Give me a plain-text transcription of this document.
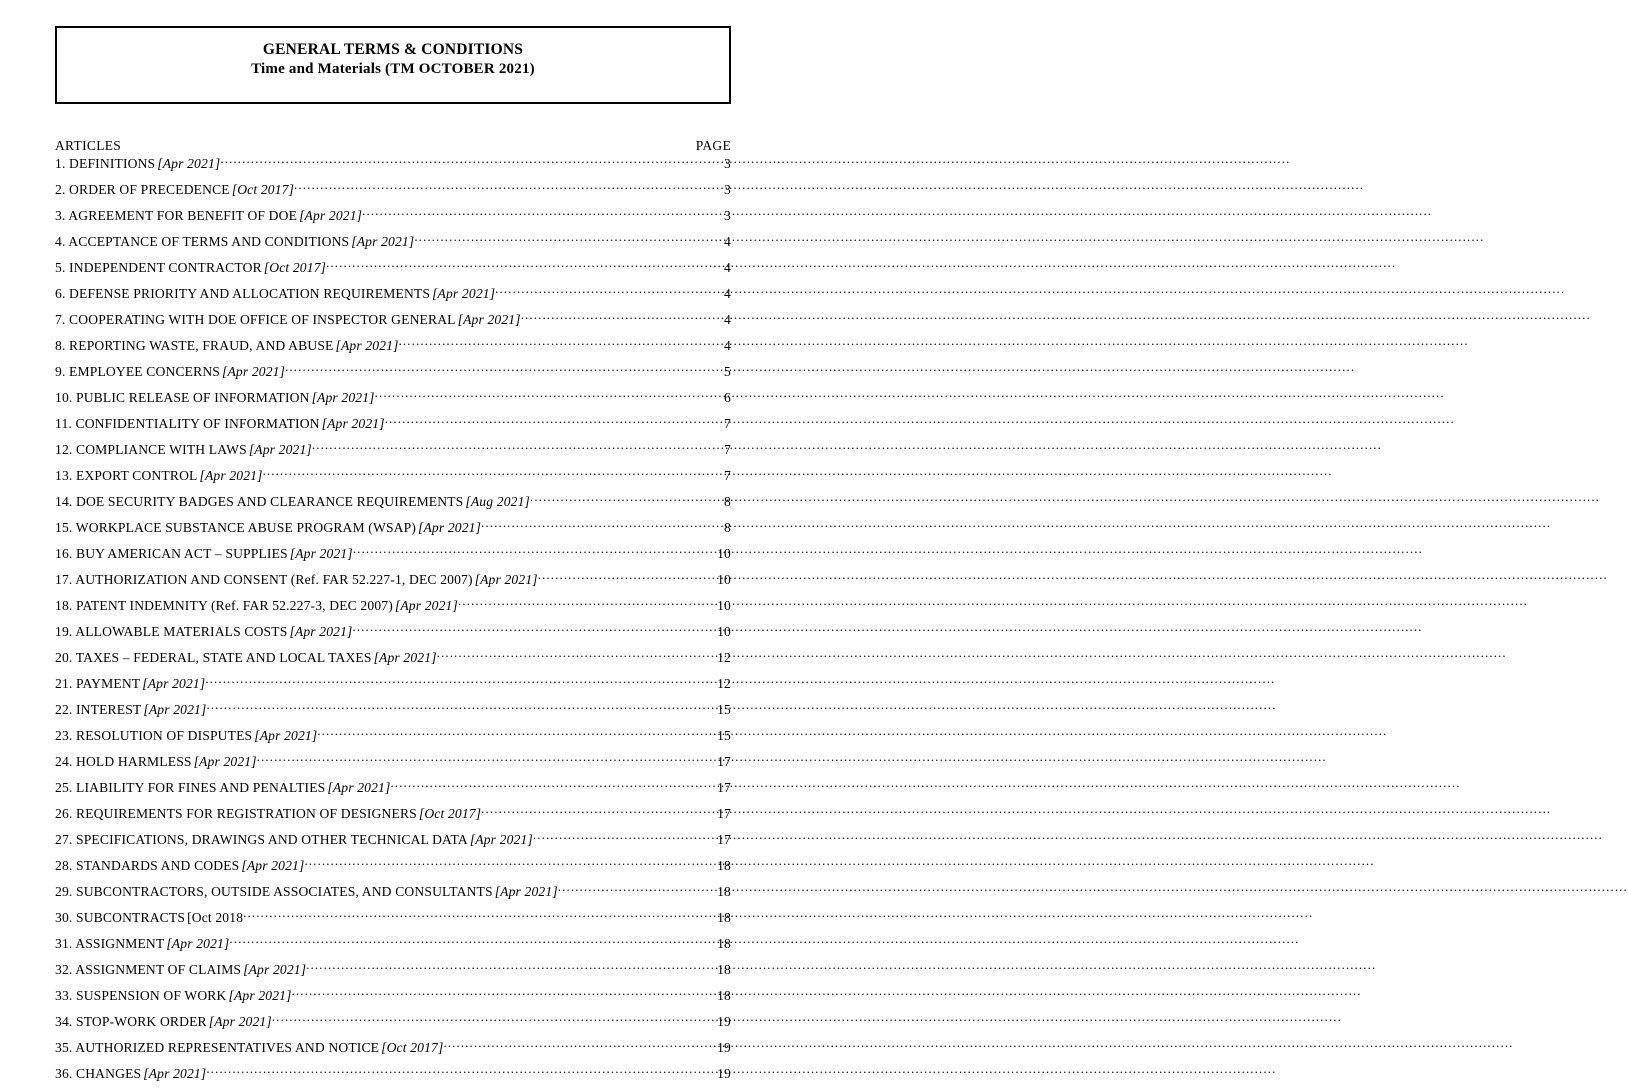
GENERAL TERMS & CONDITIONS
Time and Materials (TM OCTOBER 2021)
ARTICLES	PAGE
1. DEFINITIONS [Apr 2021] .....	3
2. ORDER OF PRECEDENCE [Oct 2017] .....	3
3. AGREEMENT FOR BENEFIT OF DOE [Apr 2021] .....	3
4. ACCEPTANCE OF TERMS AND CONDITIONS [Apr 2021] .....	4
5. INDEPENDENT CONTRACTOR [Oct 2017] .....	4
6. DEFENSE PRIORITY AND ALLOCATION REQUIREMENTS [Apr 2021] .....	4
7. COOPERATING WITH DOE OFFICE OF INSPECTOR GENERAL [Apr 2021] .....	4
8. REPORTING WASTE, FRAUD, AND ABUSE [Apr 2021] .....	4
9. EMPLOYEE CONCERNS [Apr 2021] .....	5
10. PUBLIC RELEASE OF INFORMATION [Apr 2021] .....	6
11. CONFIDENTIALITY OF INFORMATION [Apr 2021] .....	7
12. COMPLIANCE WITH LAWS [Apr 2021] .....	7
13. EXPORT CONTROL [Apr 2021] .....	7
14. DOE SECURITY BADGES AND CLEARANCE REQUIREMENTS [Aug 2021] .....	8
15. WORKPLACE SUBSTANCE ABUSE PROGRAM (WSAP) [Apr 2021] .....	8
16. BUY AMERICAN ACT – SUPPLIES [Apr 2021] .....	10
17. AUTHORIZATION AND CONSENT (Ref. FAR 52.227-1, DEC 2007) [Apr 2021] .....	10
18. PATENT INDEMNITY (Ref. FAR 52.227-3, DEC 2007) [Apr 2021] .....	10
19. ALLOWABLE MATERIALS COSTS [Apr 2021] .....	10
20. TAXES – FEDERAL, STATE AND LOCAL TAXES [Apr 2021] .....	12
21. PAYMENT [Apr 2021] .....	12
22. INTEREST [Apr 2021] .....	15
23. RESOLUTION OF DISPUTES [Apr 2021] .....	15
24. HOLD HARMLESS [Apr 2021] .....	17
25. LIABILITY FOR FINES AND PENALTIES [Apr 2021] .....	17
26. REQUIREMENTS FOR REGISTRATION OF DESIGNERS [Oct 2017] .....	17
27. SPECIFICATIONS, DRAWINGS AND OTHER TECHNICAL DATA [Apr 2021] .....	17
28. STANDARDS AND CODES [Apr 2021] .....	18
29. SUBCONTRACTORS, OUTSIDE ASSOCIATES, AND CONSULTANTS [Apr 2021] .....	18
30. SUBCONTRACTS [Oct 2018 .....	18
31. ASSIGNMENT [Apr 2021] .....	18
32. ASSIGNMENT OF CLAIMS [Apr 2021] .....	18
33. SUSPENSION OF WORK [Apr 2021] .....	18
34. STOP-WORK ORDER [Apr 2021] .....	19
35. AUTHORIZED REPRESENTATIVES AND NOTICE [Oct 2017] .....	19
36. CHANGES [Apr 2021] .....	19
